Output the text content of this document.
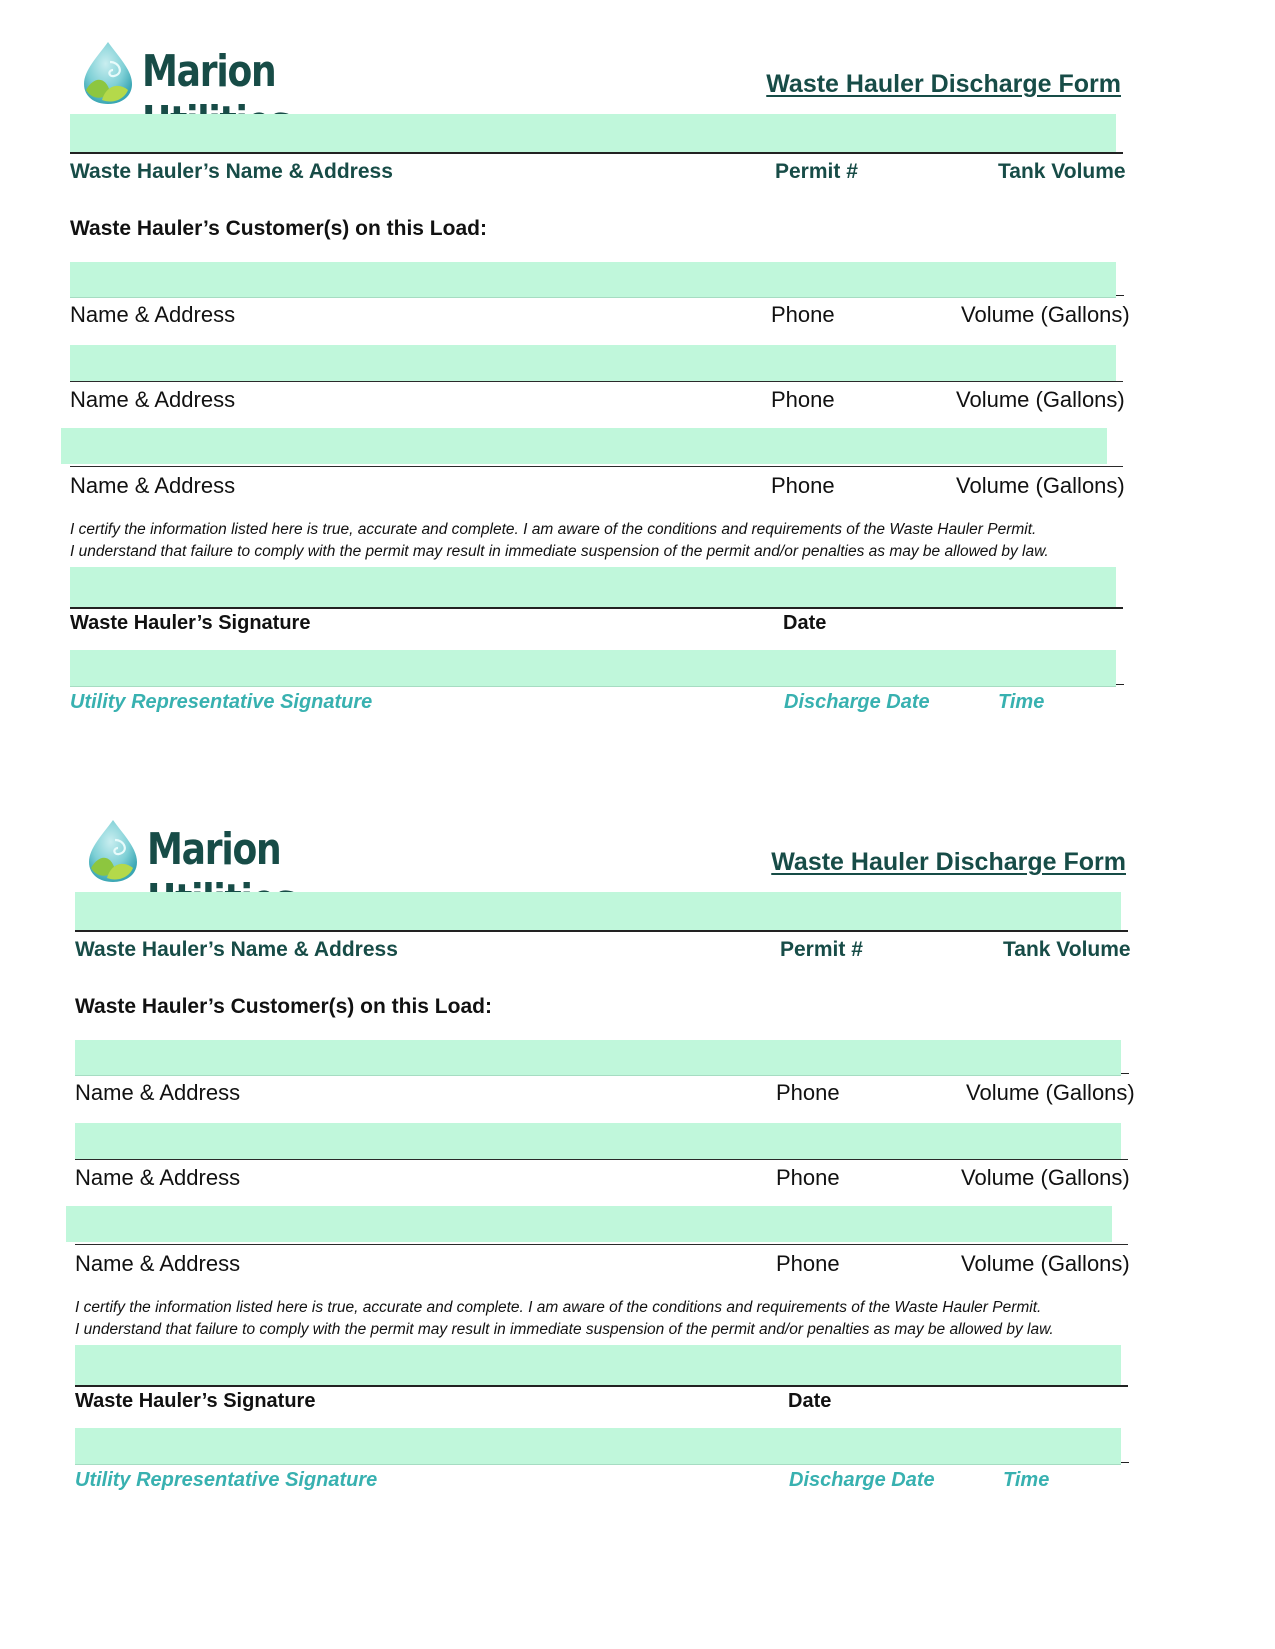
Marion	Waste Hauler Discharge Form
Waste Hauler’s Name & Address	Permit #	Tank Volume
Waste Hauler’s Customer(s) on this Load:
Name & Address	Phone	Volume (Gallons)
Name & Address	Phone	Volume (Gallons)
Name & Address	Phone	Volume (Gallons)
I certify the information listed here is true, accurate and complete. I am aware of the conditions and requirements of the Waste Hauler Permit.
I understand that failure to comply with the permit may result in immediate suspension of the permit and/or penalties as may be allowed by law.
Waste Hauler’s Signature	Date
Utility Representative Signature	Discharge Date	Time
Marion	Waste Hauler Discharge Form
Waste Hauler’s Name & Address	Permit #	Tank Volume
Waste Hauler’s Customer(s) on this Load:
Name & Address	Phone	Volume (Gallons)
Name & Address	Phone	Volume (Gallons)
Name & Address	Phone	Volume (Gallons)
I certify the information listed here is true, accurate and complete. I am aware of the conditions and requirements of the Waste Hauler Permit.
I understand that failure to comply with the permit may result in immediate suspension of the permit and/or penalties as may be allowed by law.
Waste Hauler’s Signature	Date
Utility Representative Signature	Discharge Date	Time
